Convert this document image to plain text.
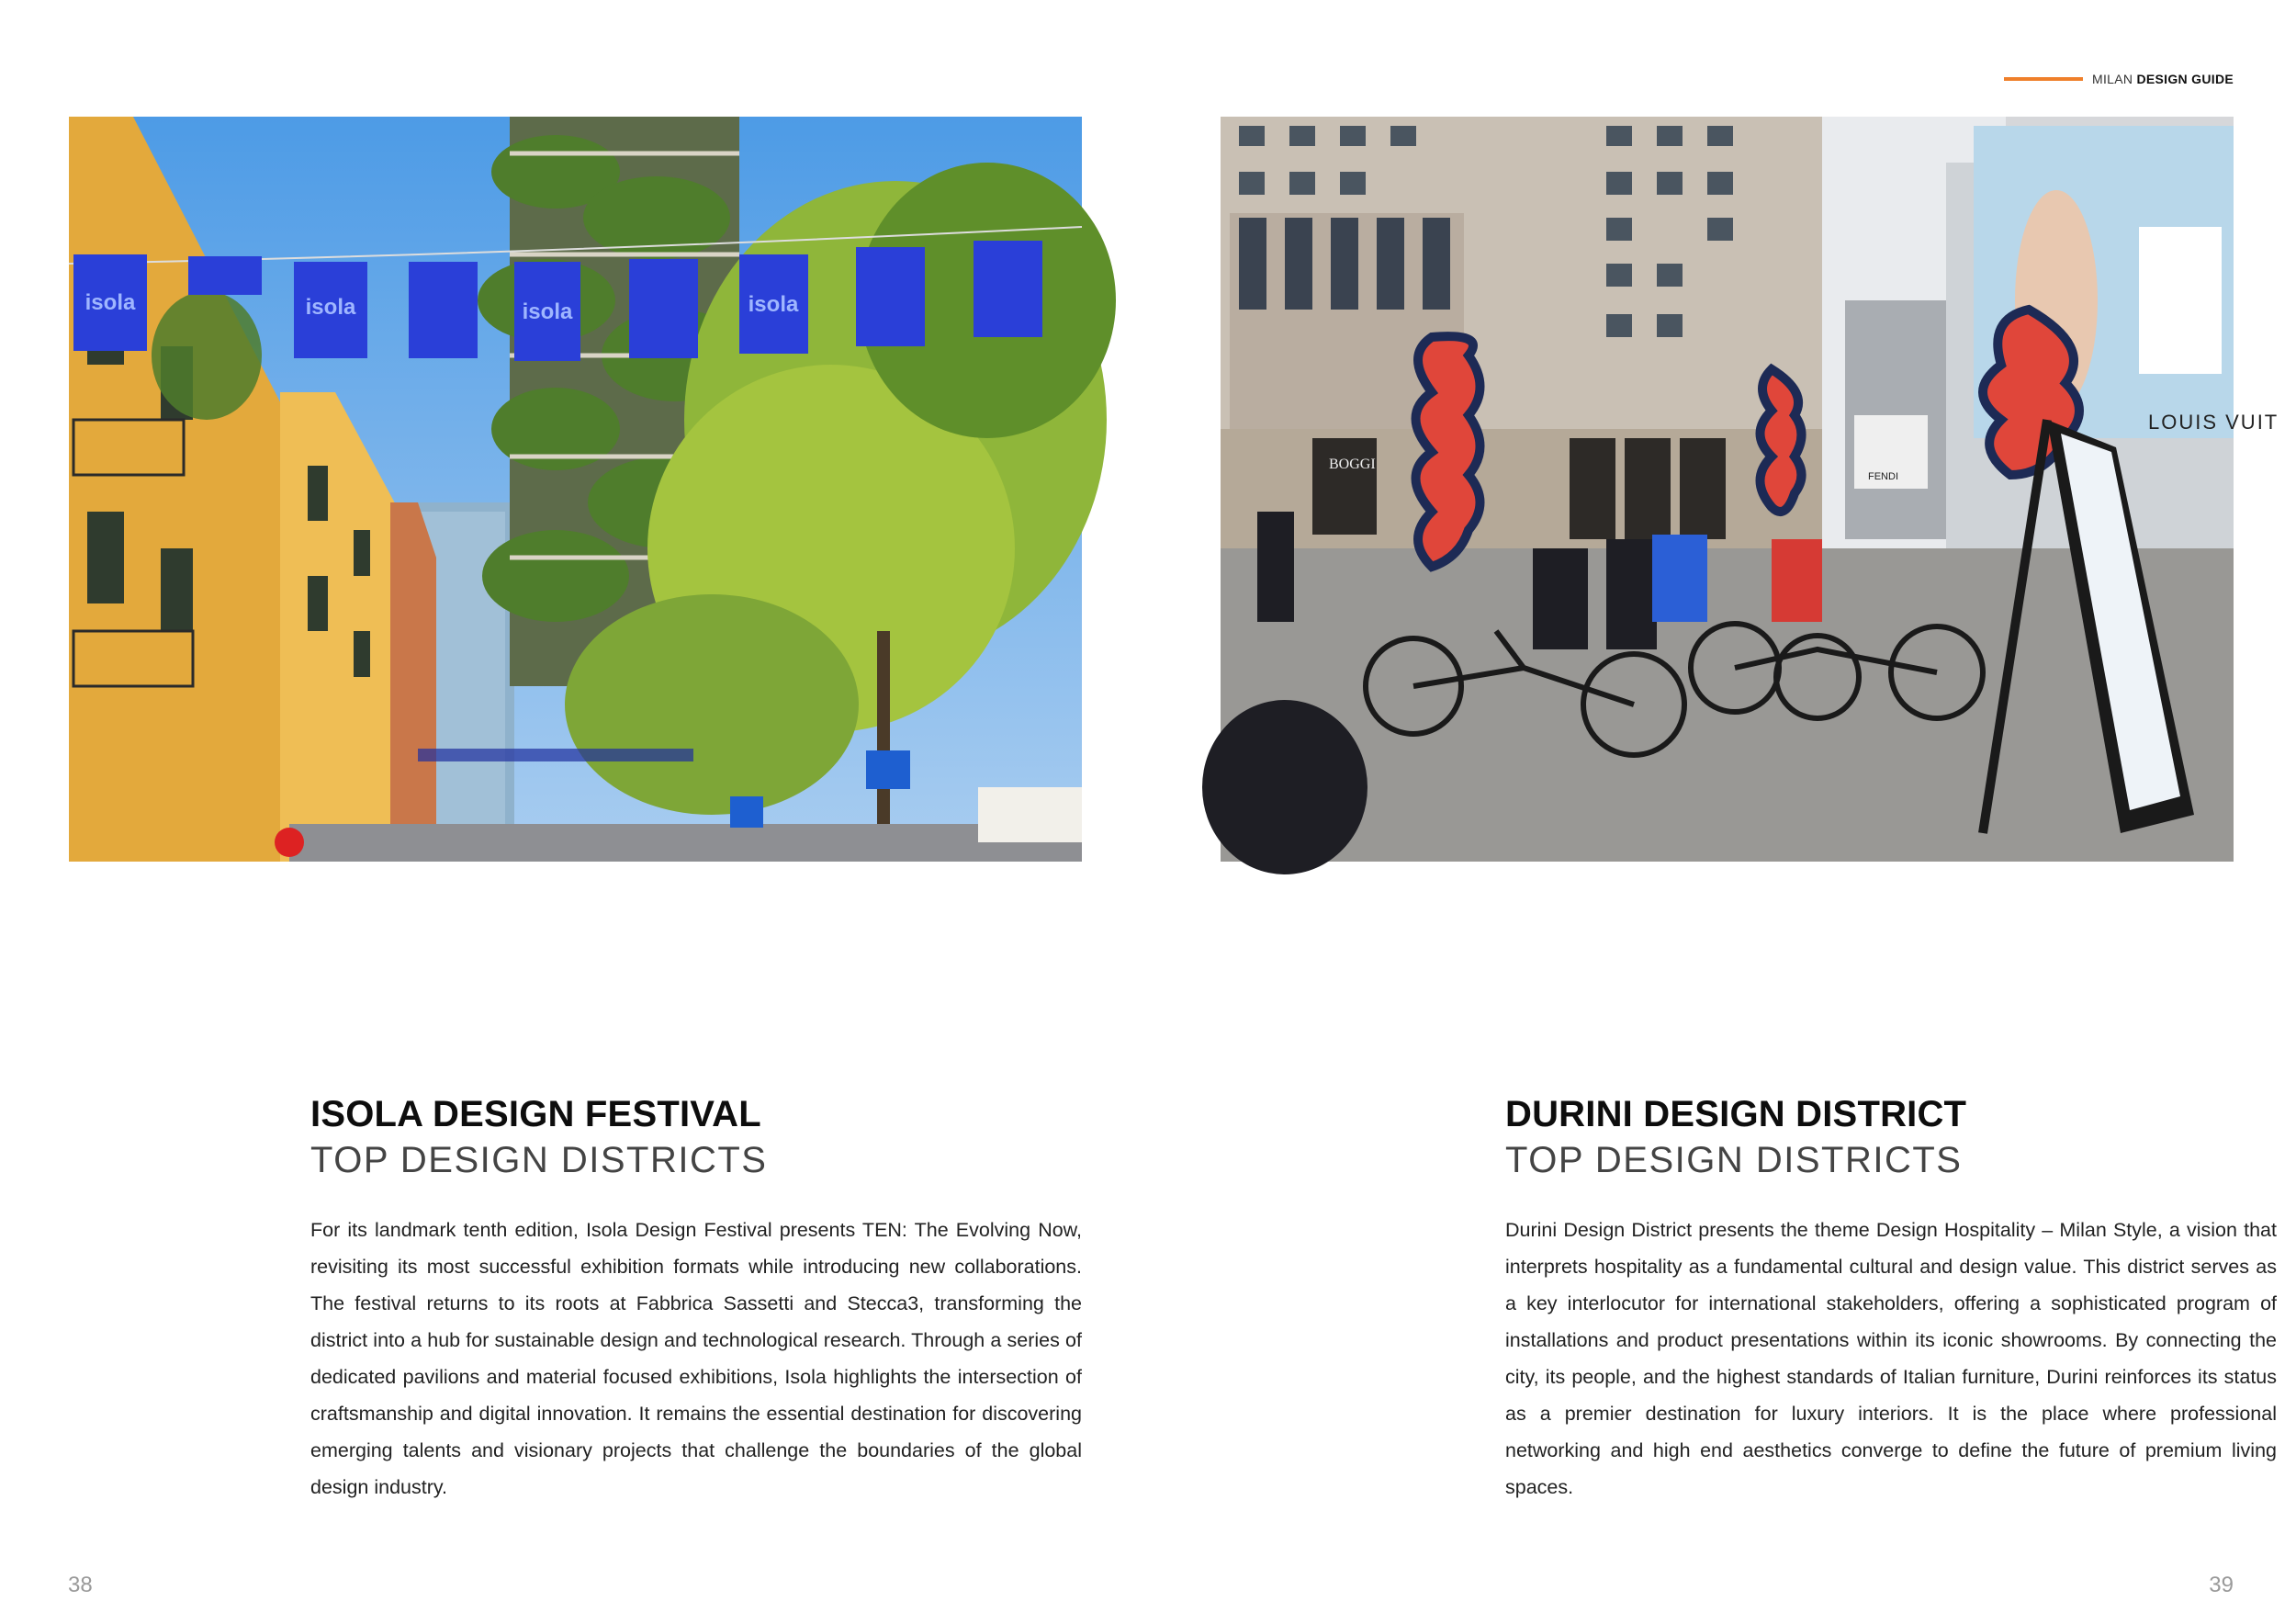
MILAN DESIGN GUIDE
isola	isola	isola	isola
BOGGI
LOUIS VUIT
FENDI
ISOLA DESIGN FESTIVAL
TOP DESIGN DISTRICTS

For its landmark tenth edition, Isola Design Festival presents TEN: The Evolving Now, revisiting its most successful exhibition formats while introducing new collaborations. The festival returns to its roots at Fabbrica Sassetti and Stecca3, transforming the district into a hub for sustainable design and technological research. Through a series of dedicated pavilions and material focused exhibitions, Isola highlights the intersection of craftsmanship and digital innovation. It remains the essential destination for discovering emerging talents and visionary projects that challenge the boundaries of the global design industry.

DURINI DESIGN DISTRICT
TOP DESIGN DISTRICTS

Durini Design District presents the theme Design Hospitality – Milan Style, a vision that interprets hospitality as a fundamental cultural and design value. This district serves as a key interlocutor for international stakeholders, offering a sophisticated program of installations and product presentations within its iconic showrooms. By connecting the city, its people, and the highest standards of Italian furniture, Durini reinforces its status as a premier destination for luxury interiors. It is the place where professional networking and high end aesthetics converge to define the future of premium living spaces.

38	39
